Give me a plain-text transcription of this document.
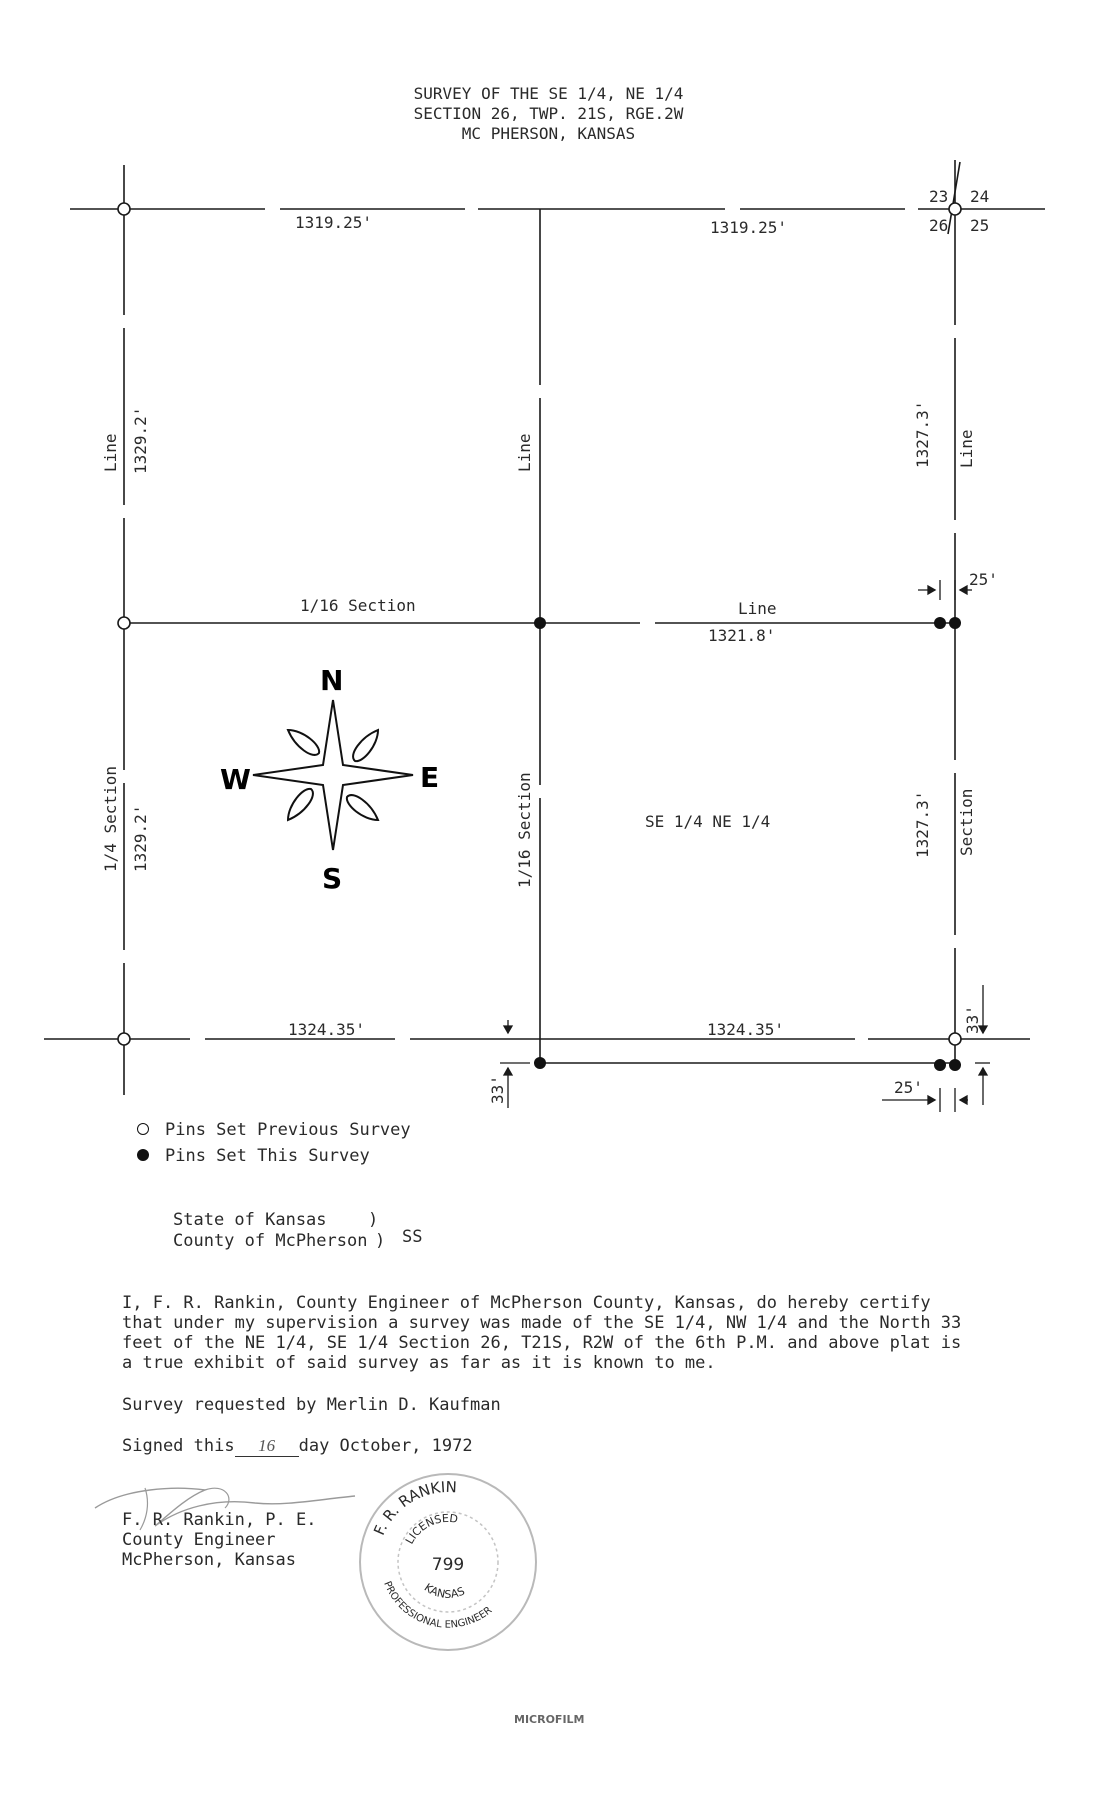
SURVEY OF THE SE 1/4, NE 1/4
SECTION 26, TWP. 21S, RGE.2W
MC PHERSON, KANSAS
1319.25'	1319.25'
23 24
26 25
Line 1329.2'	Line	1327.3' Line
25'
1/16 Section	Line
1321.8'
1/4 Section 1329.2'	1/16 Section	SE 1/4 NE 1/4	1327.3' Section
1324.35'	1324.35'	33'
33'	25'
N
S
E
W
Pins Set Previous Survey
Pins Set This Survey
State of Kansas )
County of McPherson ) SS
I, F. R. Rankin, County Engineer of McPherson County, Kansas, do hereby certify that under my supervision a survey was made of the SE 1/4, NW 1/4 and the North 33 feet of the NE 1/4, SE 1/4 Section 26, T21S, R2W of the 6th P.M. and above plat is a true exhibit of said survey as far as it is known to me.
Survey requested by Merlin D. Kaufman
Signed this 16 day October, 1972
F. R. Rankin, P. E.
County Engineer
McPherson, Kansas
F. R. RANKIN
PROFESSIONAL ENGINEER
LICENSED
KANSAS
799
MICROFILM
